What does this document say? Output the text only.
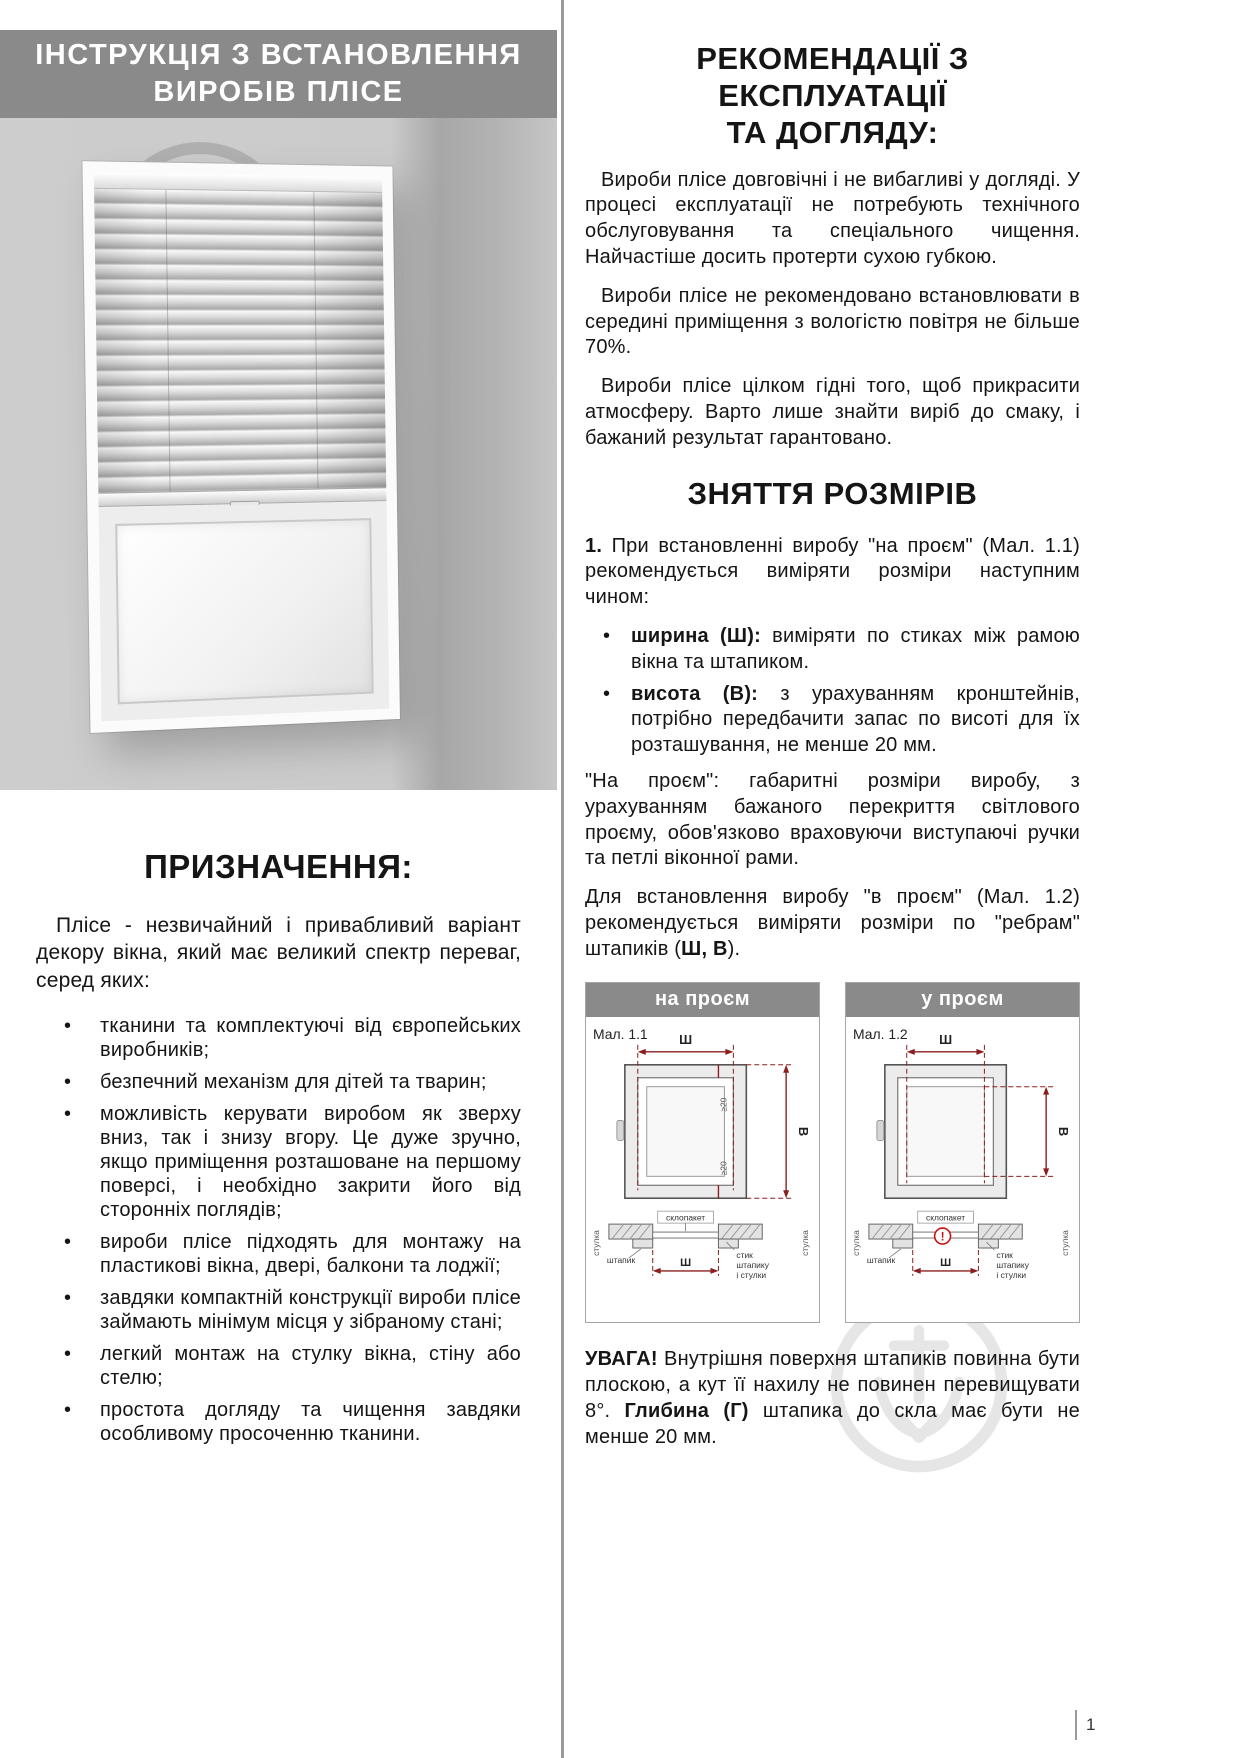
ІНСТРУКЦІЯ З ВСТАНОВЛЕННЯ
ВИРОБІВ ПЛІСЕ
ПРИЗНАЧЕННЯ:

Плісе - незвичайний і привабливий варіант декору вікна, який має великий спектр переваг, серед яких:

• тканини та комплектуючі від європейських виробників;
• безпечний механізм для дітей та тварин;
• можливість керувати виробом як зверху вниз, так і знизу вгору. Це дуже зручно, якщо приміщення розташоване на першому поверсі, і необхідно закрити його від сторонніх поглядів;
• вироби плісе підходять для монтажу на пластикові вікна, двері, балкони та лоджії;
• завдяки компактній конструкції вироби плісе займають мінімум місця у зібраному стані;
• легкий монтаж на стулку вікна, стіну або стелю;
• простота догляду та чищення завдяки особливому просоченню тканини.
РЕКОМЕНДАЦІЇ З ЕКСПЛУАТАЦІЇ
ТА ДОГЛЯДУ:

Вироби плісе довговічні і не вибагливі у догляді. У процесі експлуатації не потребують технічного обслуговування та спеціального чищення. Найчастіше досить протерти сухою губкою.

Вироби плісе не рекомендовано встановлювати в середині приміщення з вологістю повітря не більше 70%.

Вироби плісе цілком гідні того, щоб прикрасити атмосферу. Варто лише знайти виріб до смаку, і бажаний результат гарантовано.

ЗНЯТТЯ РОЗМІРІВ

1. При встановленні виробу "на проєм" (Мал. 1.1) рекомендується виміряти розміри наступним чином:

• ширина (Ш): виміряти по стиках між рамою вікна та штапиком.
• висота (В): з урахуванням кронштейнів, потрібно передбачити запас по висоті для їх розташування, не менше 20 мм.

"На проєм": габаритні розміри виробу, з урахуванням бажаного перекриття світлового проєму, обов'язково враховуючи виступаючі ручки та петлі віконної рами.

Для встановлення виробу "в проєм" (Мал. 1.2) рекомендується виміряти розміри по "ребрам" штапиків (Ш, В).

на проєм
Мал. 1.1 Ш
В
≥20
≥20
стулка	стулка
склопакет
штапик	Ш
стик
штапику
і стулки
у проєм
Мал. 1.2 Ш
В
стулка	стулка
склопакет
!
штапик	Ш
стик
штапику
і стулки

УВАГА! Внутрішня поверхня штапиків повинна бути плоскою, а кут її нахилу не повинен перевищувати 8°. Глибина (Г) штапика до скла має бути не менше 20 мм.

1
